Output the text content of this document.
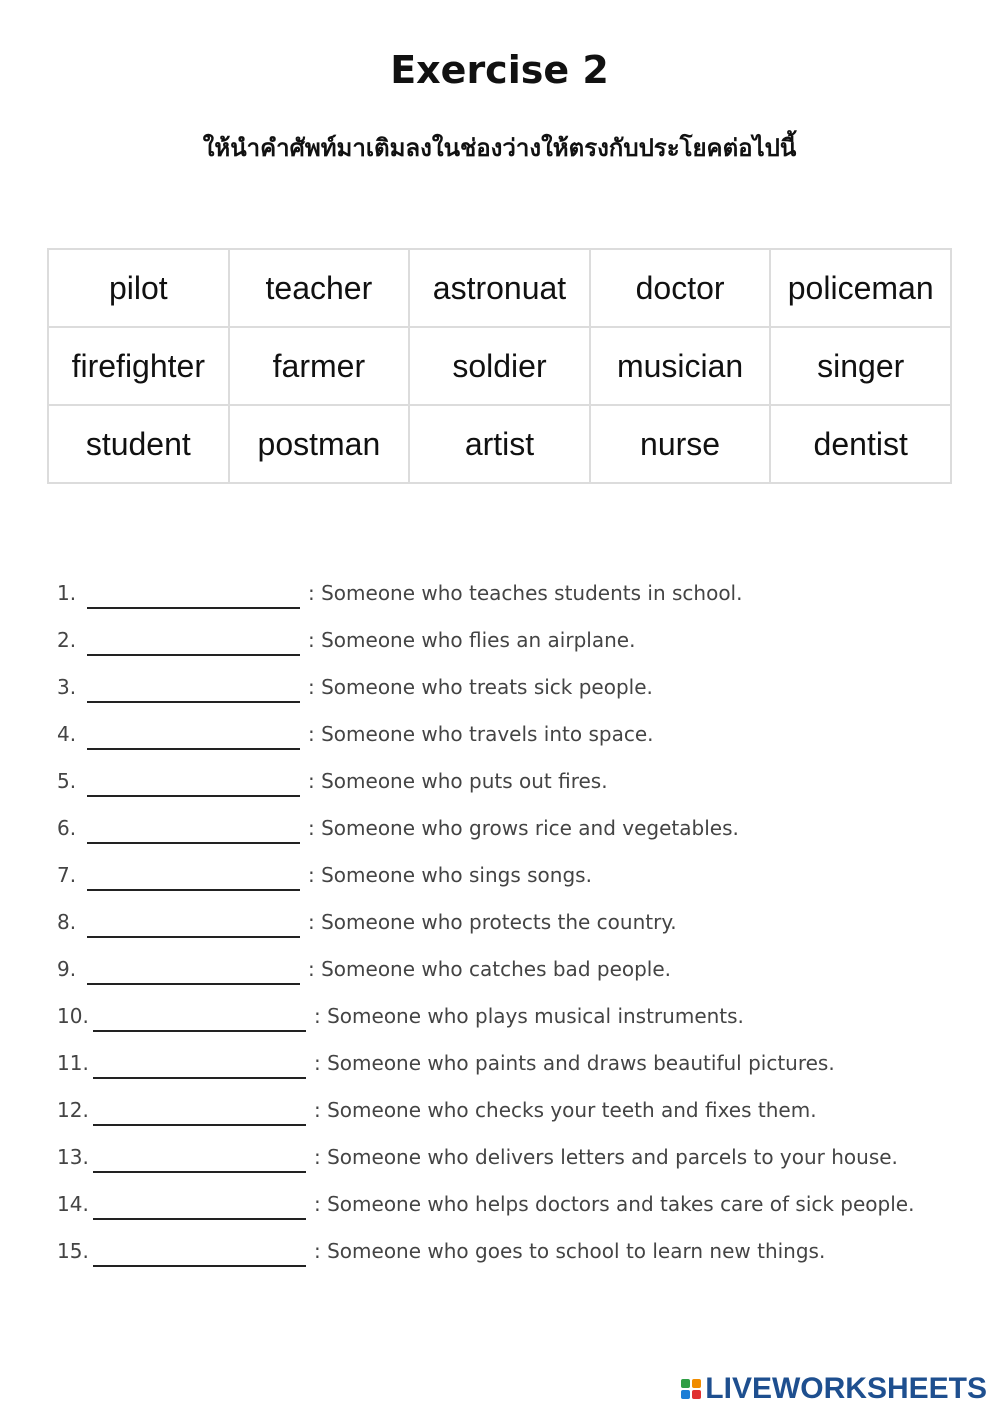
Exercise 2
ให้นำคำศัพท์มาเติมลงในช่องว่างให้ตรงกับประโยคต่อไปนี้
pilot	teacher	astronuat	doctor	policeman
firefighter	farmer	soldier	musician	singer
student	postman	artist	nurse	dentist
1.	: Someone who teaches students in school.
2.	: Someone who flies an airplane.
3.	: Someone who treats sick people.
4.	: Someone who travels into space.
5.	: Someone who puts out fires.
6.	: Someone who grows rice and vegetables.
7.	: Someone who sings songs.
8.	: Someone who protects the country.
9.	: Someone who catches bad people.
10.	: Someone who plays musical instruments.
11.	: Someone who paints and draws beautiful pictures.
12.	: Someone who checks your teeth and fixes them.
13.	: Someone who delivers letters and parcels to your house.
14.	: Someone who helps doctors and takes care of sick people.
15.	: Someone who goes to school to learn new things.
LIVEWORKSHEETS
